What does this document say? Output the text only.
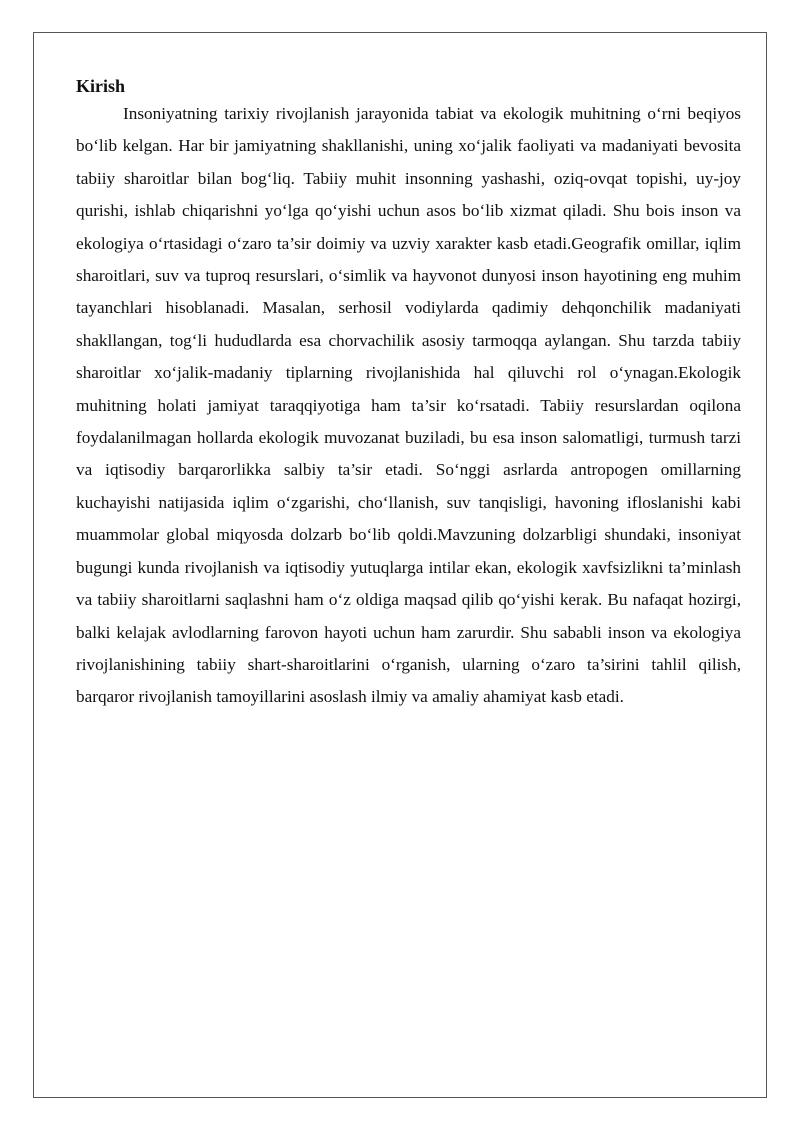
Kirish

Insoniyatning tarixiy rivojlanish jarayonida tabiat va ekologik muhitning o‘rni beqiyos bo‘lib kelgan. Har bir jamiyatning shakllanishi, uning xo‘jalik faoliyati va madaniyati bevosita tabiiy sharoitlar bilan bog‘liq. Tabiiy muhit insonning yashashi, oziq-ovqat topishi, uy-joy qurishi, ishlab chiqarishni yo‘lga qo‘yishi uchun asos bo‘lib xizmat qiladi. Shu bois inson va ekologiya o‘rtasidagi o‘zaro ta’sir doimiy va uzviy xarakter kasb etadi.Geografik omillar, iqlim sharoitlari, suv va tuproq resurslari, o‘simlik va hayvonot dunyosi inson hayotining eng muhim tayanchlari hisoblanadi. Masalan, serhosil vodiylarda qadimiy dehqonchilik madaniyati shakllangan, tog‘li hududlarda esa chorvachilik asosiy tarmoqqa aylangan. Shu tarzda tabiiy sharoitlar xo‘jalik-madaniy tiplarning rivojlanishida hal qiluvchi rol o‘ynagan.Ekologik muhitning holati jamiyat taraqqiyotiga ham ta’sir ko‘rsatadi. Tabiiy resurslardan oqilona foydalanilmagan hollarda ekologik muvozanat buziladi, bu esa inson salomatligi, turmush tarzi va iqtisodiy barqarorlikka salbiy ta’sir etadi. So‘nggi asrlarda antropogen omillarning kuchayishi natijasida iqlim o‘zgarishi, cho‘llanish, suv tanqisligi, havoning ifloslanishi kabi muammolar global miqyosda dolzarb bo‘lib qoldi.Mavzuning dolzarbligi shundaki, insoniyat bugungi kunda rivojlanish va iqtisodiy yutuqlarga intilar ekan, ekologik xavfsizlikni ta’minlash va tabiiy sharoitlarni saqlashni ham o‘z oldiga maqsad qilib qo‘yishi kerak. Bu nafaqat hozirgi, balki kelajak avlodlarning farovon hayoti uchun ham zarurdir. Shu sababli inson va ekologiya rivojlanishining tabiiy shart-sharoitlarini o‘rganish, ularning o‘zaro ta’sirini tahlil qilish, barqaror rivojlanish tamoyillarini asoslash ilmiy va amaliy ahamiyat kasb etadi.
